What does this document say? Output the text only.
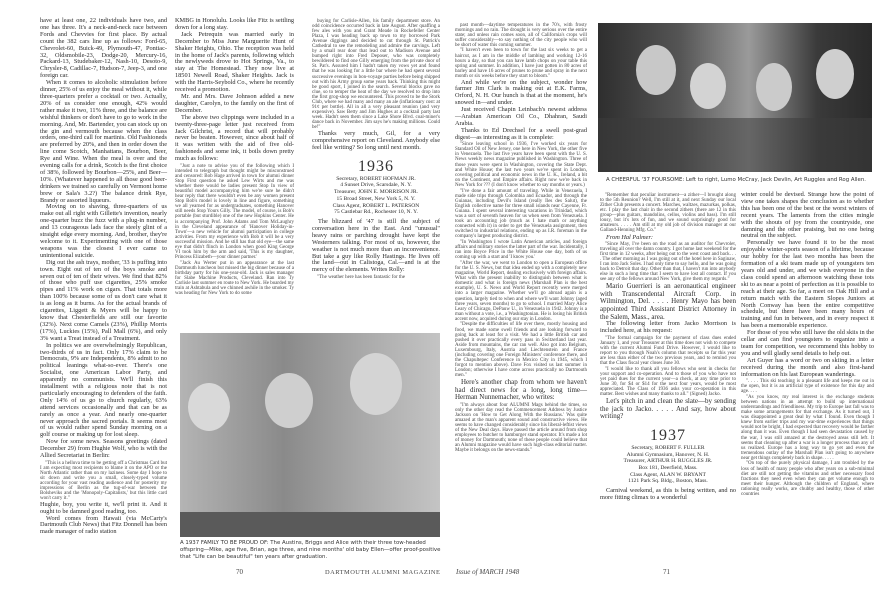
have at least one, 22 individuals have two, and one has three. It's a neck-and-neck race between Fords and Chevvies for first place. By actual count the 382 cars line up as follows: Ford-65, Chevrolet-60, Buick-49, Plymouth-47, Pontiac-32, Oldsmobile-23, Dodge-20, Mercury-16, Packard-13, Studebaker-12, Nash-10, Desoto-9, Chrysler-8, Cadillac-7, Hudson-7, Jeep-3, and one foreign car.

When it comes to alcoholic stimulation before dinner, 25% of us enjoy the meal without it, while three-quarters prefer a cocktail or two. Actually, 20% of us consider one enough, 42% would rather make it two, 11% three, and the balance are wishful thinkers or don't have to go to work in the morning. And, Mr. Bartender, you can stock up on the gin and vermouth because when the class orders, one-third call for martinis. Old Fashioneds are preferred by 20%, and then in order down the line come Scotch, Manhattans, Bourbon, Beer, Rye and Wine. When the meal is over and the evening calls for a drink, Scotch is the first choice of 38%, followed by Bourbon—25%, and Beer—10%. (Whatever happened to all those good beer-drinkers we trained so carefully on Vermont home brew or Sala's 3.2?) The balance drink Rye, Brandy or assorted liqueurs.

Moving on to shaving, three-quarters of us make out all right with Gillette's invention, nearly one-quarter buzz the fuzz with a plug-in number, and 13 courageous lads face the steely glint of a straight edge every morning. And, brother, they're welcome to it. Experimenting with one of those weapons was the closest I ever came to unintentional suicide.

Dig out the ash trays, mother, '33 is puffing into town. Eight out of ten of the boys smoke and seven out of ten of their wives. We find that 82% of those who puff use cigarettes, 25% smoke pipes and 11% work on cigars. That totals more than 100% because some of us don't care what it is as long as it burns. As for the actual brands of cigarettes, Liggett & Myers will be happy to know that Chesterfields are still our favorite (32%). Next come Camels (23%), Phillip Morris (17%), Luckies (15%), Pall Mall (6%), and only 3% want a Treat instead of a Treatment.

In politics we are overwhelmingly Republican, two-thirds of us in fact. Only 17% claim to be Democrats, 9% are Independents, 8% admit to no political leanings what-so-ever. There's one Socialist, one American Labor Party, and apparently no communists. We'll finish this installment with a religious note that is not particularly encouraging to defenders of the faith. Only 14% of us go to church regularly, 63% attend services occasionally and that can be as rarely as once a year. And nearly one-quarter never approach the sacred portals. It seems most of us would rather spend Sunday morning on a golf course or making up for lost sleep.

Now for some news. Seasons greetings (dated December 29) from Hughie Wolf, who is with the Allied Secretariat in Berlin:

"This is a helluva time to be getting off a Christmas Card but I am expecting most recipients to blame it on the APO or the North Atlantic rather than on my laziness. Some day I hope to sit down and write you a small, closely-typed volume according for your vast reading audience and for posterity my impressions of Berlin as the tug-of-war between the Bolsheviks and the 'Monopoly-Capitalists,' but this little card won't carry it."

Hughie, boy, you write it, we'll print it. And it ought to be damned good reading, too.

Word comes from Hawaii (via McCarty's Dartmouth Club News) that Fitz Donnell has been made manager of radio station

KMBG in Honolulu. Looks like Fitz is settling down for a long stay.

Jack Petrequin was married early in December to Miss June Marguerite Hunt of Shaker Heights, Ohio. The reception was held in the home of Jack's parents, following which the newlyweds drove to Hot Springs, Va., to stay at The Homestead. They now live at 18501 Newell Road, Shaker Heights. Jack is with the Harris-Seybold Co., where he recently received a promotion.

Mr. and Mrs. Dave Johnson added a new daughter, Carolyn, to the family on the first of December.

The above two clippings were included in a twenty-three-page letter just received from Jack Gilchrist, a record that will probably never be beaten. However, since about half of it was written with the aid of five old-fashioneds and some ink, it boils down pretty much as follows:

"Just a note to advise you of the following which I intended to telegraph but thought might be misconstrued and censored: Bob Hage arrived in town for alumni dinner Stop First question he asked Lew Wirts and me was whether there would be ladies present Stop In view of beautiful model accompanying him we're sure he didn't hear reply that there wouldn't even be any women present Stop Bob's model is lovely in line and figure, something we all yearned for as undergraduates, something Hanover still needs Stop Yours Gilly. The model, of course, is Bob's portable (but sturdible) one of the new Hopkins Center. He is accompanying Prof. John Adams and Tom McLaughry in the Cleveland appearance of 'Hanover Holiday-in-Town'—a new vehicle for alumni participation in college activities. From my experience with Bob it will be a very successful mission. And he still has that old eye—the same eye that didn't flinch in London when good King George VI took him by the arm and said, 'This is my daughter, Princess Elizabeth—your dinner partner.'

"Jack Au Werter put in an appearance at the last Dartmouth luncheon but missed the big dinner because of a birthday party for his one-year-old. Jack is sales manager for Slabe Machine Products, Cleveland. Ran into Ty Carlisle last summer en route to New York. He boarded my train at Ashtabula and we chinned awhile in the smoker. Ty was heading for New York to do some

buying for Carlisle-Allen, his family department store. An odd coincidence occurred back in late August. After quaffing a few ales with you and Grant Meade in Rockefeller Center Plaza, I was heading back up town to my borrowed Park Avenue diggings and decided to cut through St. Patrick's Cathedral to see the remodeling and admire the carvings. Left by a small rear door that lead out to Madison Avenue and bumped right into Fred Deposer, who was completely bewildered to find one Gilly emerging from the private door of St. Pat's. Assured him I hadn't taken my vows yet and found that he was looking for a little bar where he had spent several successive evenings in bon-voyage parties before being shipped out with his Army group some years back. Thinking this might be good sport, I joined in the search. Several blocks gave no clue, so to temper the heat of the day we resolved to drop into the first grog-shop we encountered. This proved to be the Stork Club, where we had many and many an ale (inflationary cost: at 91¢ per bottle). All in all a very pleasant reunion (and very expensive). Saw Betty and Jim Hughes at a cocktail party last week. Hadn't seen them since a Lake Shore Blvd. coal-miner's dance back in November. Jim says he's making millions. Could be!"

Thanks very much, Gil, for a very comprehensive report on Cleveland. Anybody else feel like writing? So long until next month.

1936
Secretary, ROBERT HOFMAN JR.
4 Sunset Drive, Scarsdale, N. Y.
Treasurer, JOHN E. MORRISON JR.
15 Broad Street, New York 5, N. Y.
Class Agent, ROBERT L. PATERSON
75 Castlebar Rd., Rochester 10, N. Y.

The blizzard of '47 is still the subject of conversation here in the East. And "unusual" heavy rains or parching drought have kept the Westerners talking. For most of us, however, the weather is not much more than an inconvenience. But take a guy like Rolly Hastings. He lives off the land—out in Calistoga, Cal.—and is at the mercy of the elements. Writes Rolly:

"The weather here has been fantastic for the

A 1937 FAMILY TO BE PROUD OF: The Austins, Briggs and Alice with their three tow-headed offspring—Mike, age five, Brian, age three, and nine months' old baby Ellen—offer proof-positive that "Life can be beautiful" ten years after graduation.
70	DARTMOUTH ALUMNI MAGAZINE
A CHEERFUL '37 FOURSOME: Left to right, Lumo McCray, Jack Devlin, Art Ruggles and Rog Allen.

past month—daytime temperatures in the 70's, with frosty mornings and no rain. The drought is very serious over the entire state; and unless rain comes soon, all of California's crops will suffer considerably—to say nothing of the city people who will be short of water this coming summer.

"I haven't even been to town for the last six weeks to get a haircut, as I am in the middle of lambing and working 12-16 hours a day, so that you can have lamb chops on your table this spring and summer. In addition, I have just gotten in 80 acres of barley and have 16 acres of prunes to prune and spray in the next month or six weeks before they start to bloom."

And while we're on the subject, wonder how farmer Jim Clark is making out at E.K. Farms, Orford, N. H. Our hunch is that at the moment, he's snowed in—and under.

Just received Chapin Leinbach's newest address—Arabian American Oil Co., Dhahran, Saudi Arabia.

Thanks to Ed Drechsel for a swell post-grad digest—as interesting as it is complete:

"Since leaving school in 1936, I've worked six years for Standard Oil of New Jersey, one here in New York, the other five in Venezuela. The last five years have been spent with the U. S. News weekly news magazine published in Washington. Three of those years were spent in Washington, covering the State Dept. and White House; the last two years we've spent in London, covering political and economic news in the U. K., Ireland, a bit on the Continent, and Empire affairs. Right now we're back in New York for ??? (I don't know whether to say months or years.)

"I've done a fair amount of traveling. While in Venezuela, I made side trips through Colombia and Ecuador, and through the Guianas, including Devil's Island (really Iles des Salut), the English collective name for three small islands near Cayenne, Fr. Guiana. I spent several interesting vacations in Trinidad, which was a sort of seventh heaven for us when seen from Venezuela. I took an accounting job (much as I hate math or anything connected with it) in order to get the Venezuela assignment, then switched to industrial relations, ending up as I.R. foreman in the company's largest producing district.

"In Washington I wrote Latin American articles, and foreign affairs and military stories the latter part of the war. Incidentally, I ran into Boyce Price in the White House one day, both of us coming up with a start and 'I know you.'

"After the war, we went to London to open a European office for the U. S. News, but that idea ended up with a completely new magazine, World Report, dealing exclusively with foreign affairs. What with the present inability to distinguish between what is domestic and what is foreign news (Marshall Plan is the best example), U. S. News and World Report recently were merged into a larger magazine. Whether we'll go abroad again is a question, largely tied to when and where we'll want Johnny (aged three years, seven months) to go to school. I married Mary Alice Leary of Chicago, DePauw U., in Venezuela in 1942. Johnny is a man without a vote, i.e., a Washingtonian. He is losing his British accent now, acquired during our stay in London.

"Despite the difficulties of life over there, mostly housing and food, we made some swell friends and are looking forward to going back at least for a visit. We had a little British car and pushed it over practically every pass in Switzerland last year. Aside from mountains, the car ran well. Also got into Belgium, Luxembourg, Italy, Austria and Liechtenstein and France (including covering one Foreign Ministers' conference there, and the Chapultepec Conference in Mexico City in 1945, which I forgot to mention above). Dave Fox visited us last summer in London; otherwise I have come across practically no Dartmouth men."

Here's another chap from whom we haven't had direct news for a long, long time—Herman Nunnemacher, who writes:

"I'm always about four ALUMNI Mags behind the times, so only the other day read the Commencement Address by Justice Jackson on 'How to Get Along With the Russians.' Was quite amazed at the man's apparent sound and constructive views. He seems to have changed considerably since his liberal-leftist views of the New Deal days. Have passed the article around from shop employees to butcher to hamburger stand operator. It's made a lot of money for Dartmouth; none of these people could believe that an Alumni magazine would have such high-class editorial matter. Maybe it belongs on the news-stands."

"Remember that peculiar instrument—a zither—I brought along to the 5th Reunion? Well, I'm still at it, and next Sunday our local Zither Club presents a concert. Marches, waltzes, mazurkas, polkas, etc. I play the last chair in the second zithers (there are 12 in this group—plus guitars, mandolins, cellos, violins and bass). I'm still lousy, but it's lots of fun, and we sound surprisingly good for amateurs. . . . . Am still at my old job of division manager at our Galland-Henning Mfg. Co."

From Hal Palmer:

"Since May, I've been on the road as an auditor for Chevrolet, traveling all over the damn country. I got home last weekend for the first time in 12 weeks, after being out to the west coast and back. . . . The other morning as I was going out of the hotel here in Saginaw, I ran into Jack Soles. I had only time to say hello, and he was going back to Detroit that day. Other than that, I haven't run into anybody else in such a long time that I seem to have lost all contact. If you see any of the fellows around New York, give them my regards."

Mario Guerrieri is an aeronautical engineer with Transcendental Aircraft Corp. in Wilmington, Del. . . . . Henry Mayo has been appointed Third Assistant District Attorney in the Salem, Mass., area.

The following letter from Jacko Morrison is included here, at his request:

"The formal campaign for the payment of class dues ended January 1, and your Treasurer at this time does not wish to compete with the current Alumni Fund Drive. However, I would like to report to you through Noah's column that receipts so far this year are less than either of the two previous years, and to remind you that the Class fiscal year closes June 30.

"I would like to thank all you fellows who sent in checks for your support and co-operation. And to those of you who have not yet paid dues for the current year—a check, at any time prior to June 30, for $4 or $14 for the next four years, would be most appreciated. The Class of 1936 asks your co-operation in this matter. Best wishes and many thanks to all." (Signed) Jacko.

Let's pitch in and clean the slate—by sending the jack to Jacko. . . . . And say, how about writing?

1937
Secretary, ROBERT F. FULLER
Alumni Gymnasium, Hanover, N. H.
Treasurer, ARTHUR H. RUGGLES JR.
Box 181, Deerfield, Mass.
Class Agent, ALAN W. BRYANT
1121 Park Sq. Bldg., Boston, Mass.

Carnival weekend, as this is being written, and no more fitting climax to a wonderful

winter could be devised. Strange how the point of view one takes shapes the conclusion as to whether this has been one of the best or the worst winters of recent years. The laments from the cities mingle with the shouts of joy from the countryside, one damning and the other praising, but no one being neutral on the subject.

Personally we have found it to be the most enjoyable winter-sports season of a lifetime, because our hobby for the last two months has been the formation of a ski team made up of youngsters ten years old and under, and we wish everyone in the class could spend an afternoon watching these tots ski to as near a point of perfection as it is possible to reach at their age. So far, a meet on Oak Hill and a return match with the Eastern Slopes Juniors at North Conway has been the entire competitive schedule, but there have been many hours of training and fun in between, and in every respect it has been a memorable experience.

For those of you who still have the old skiis in the cellar and can find youngsters to organize into a team for competition, we recommend this hobby to you and will gladly send details to help out.

Art Guyer has a word or two on skiing in a letter received during the month and also first-hand information on his last European wanderings.

". . . . This ski teaching is a pleasant life and keeps me out in the open, but it is an artificial type of existence for this day and age. . . .

"As you know, my real interest is the exchange students between nations in an attempt to build up international understandings and friendliness. My trip to Europe last fall was to make some arrangements for that exchange. As it turned out, I was disappointed a great deal by what I found. Even though I knew from earlier trips and my war-time experiences that things would not be bright, I had expected that recovery would be farther along than it was. Even though I had seen devastation caused by the war, I was still amazed at the destroyed areas still left. It seems that cleaning up after a war is a longer process than any of us realized. Europe has a long way to go yet and even the tremendous outlay of the Marshall Plan isn't going to anywhere near get things completely back in shape. . . . .

"On top of the purely physical damage, I am troubled by the loss of health of many people who after years on a sub-minimal diet are still not getting the vitamins and other necessary food fractions they need even when they can get volume enough to meet their hunger. Although the children of England, where rationing really works, are chubby and healthy, those of other countries

Issue of MARCH 1948	71
